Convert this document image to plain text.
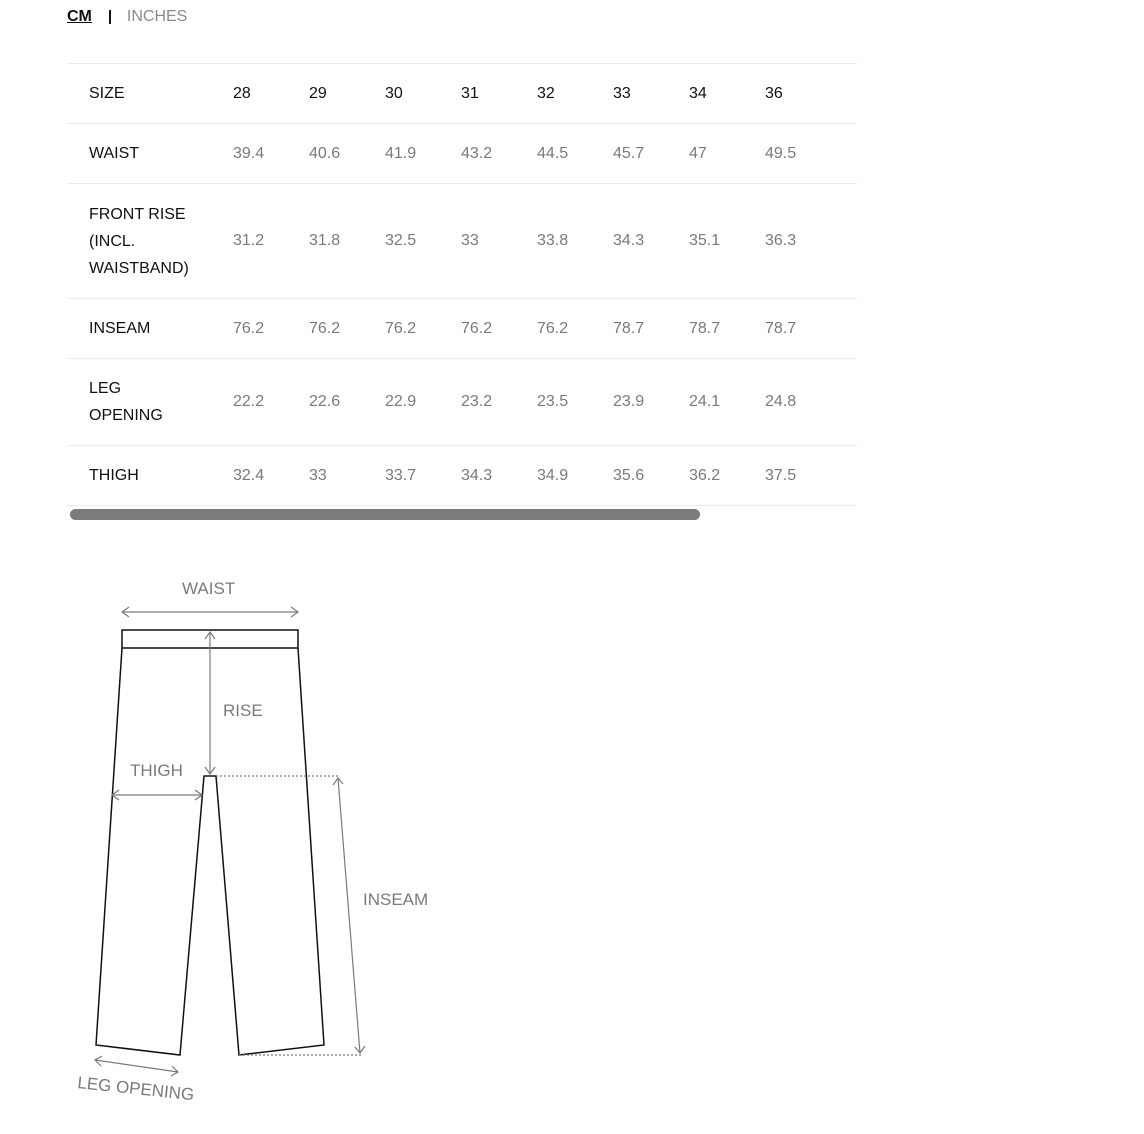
CM INCHES
SIZE	28	29	30	31	32	33	34	36
WAIST	39.4	40.6	41.9	43.2	44.5	45.7	47	49.5
FRONT RISE (INCL. WAISTBAND)	31.2	31.8	32.5	33	33.8	34.3	35.1	36.3
INSEAM	76.2	76.2	76.2	76.2	76.2	78.7	78.7	78.7
LEG OPENING	22.2	22.6	22.9	23.2	23.5	23.9	24.1	24.8
THIGH	32.4	33	33.7	34.3	34.9	35.6	36.2	37.5
WAIST
RISE
THIGH
INSEAM
LEG OPENING
